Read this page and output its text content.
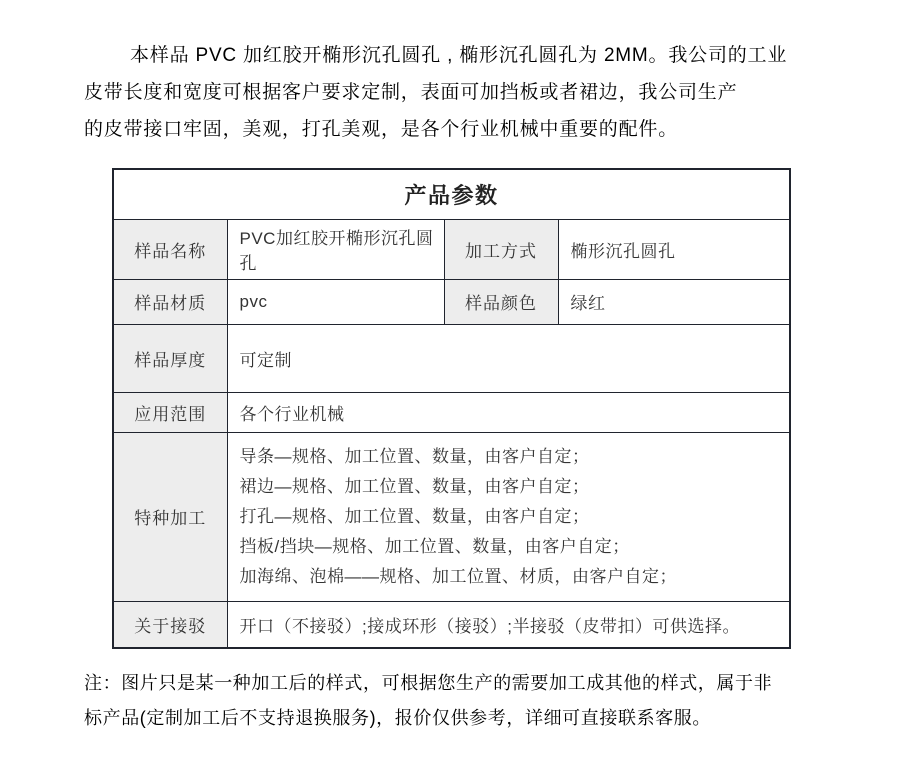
本样品 PVC 加红胶开椭形沉孔圆孔 , 椭形沉孔圆孔为 2MM。我公司的工业
皮带长度和宽度可根据客户要求定制，表面可加挡板或者裙边，我公司生产
的皮带接口牢固，美观，打孔美观，是各个行业机械中重要的配件。
产品参数			
样品名称	PVC加红胶开椭形沉孔圆孔	加工方式	椭形沉孔圆孔
样品材质	pvc	样品颜色	绿红
样品厚度	可定制		
应用范围	各个行业机械		
特种加工	导条—规格、加工位置、数量，由客户自定；
裙边—规格、加工位置、数量，由客户自定；
打孔—规格、加工位置、数量，由客户自定；
挡板/挡块—规格、加工位置、数量，由客户自定；
加海绵、泡棉——规格、加工位置、材质，由客户自定；		

关于接驳	开口（不接驳）;接成环形（接驳）;半接驳（皮带扣）可供选择。		
注：图片只是某一种加工后的样式，可根据您生产的需要加工成其他的样式，属于非
标产品(定制加工后不支持退换服务)，报价仅供参考，详细可直接联系客服。
